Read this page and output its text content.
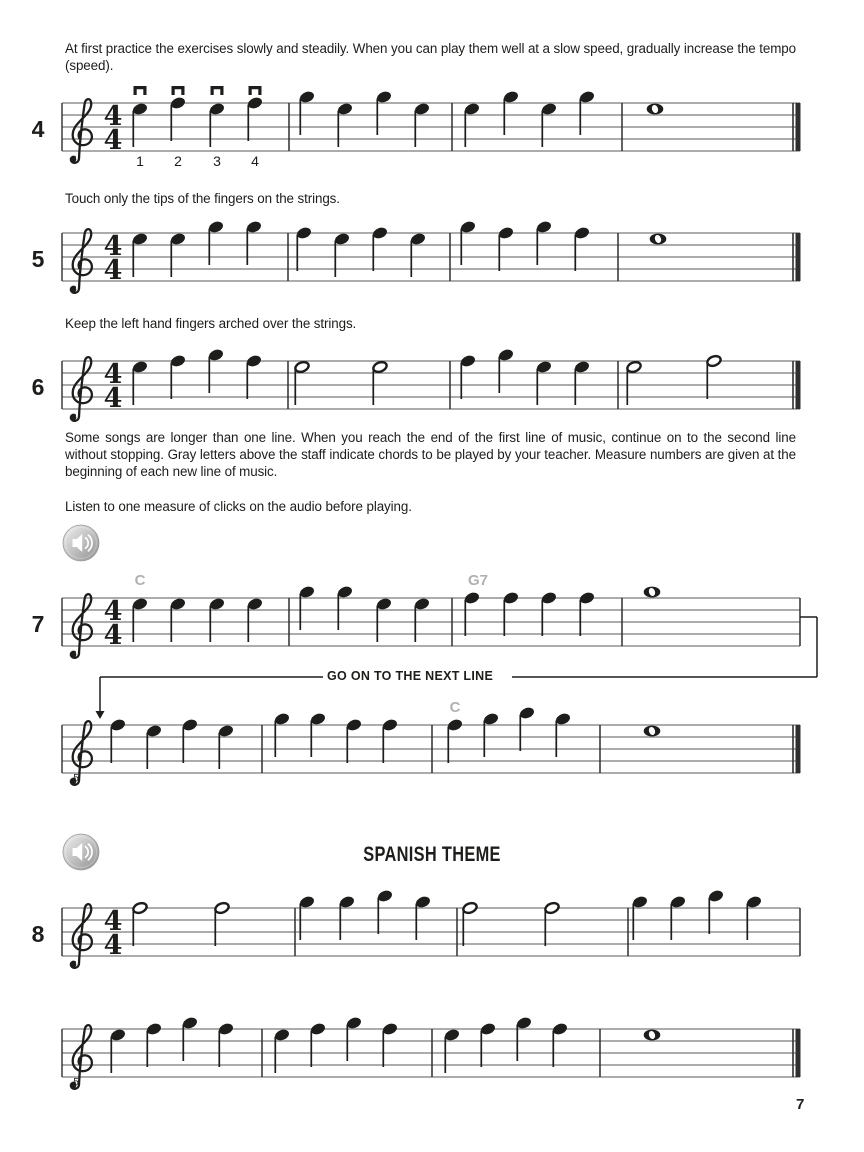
4
4
4
1 2 3 4
4
4
5
4
4
6
4
4
7
C	G7
5
C
4
4
8
5
At first practice the exercises slowly and steadily. When you can play them well at a slow speed, gradually increase the tempo (speed).
Touch only the tips of the fingers on the strings.
Keep the left hand fingers arched over the strings.
Some songs are longer than one line. When you reach the end of the first line of music, continue on to the second line without stopping. Gray letters above the staff indicate chords to be played by your teacher. Measure numbers are given at the beginning of each new line of music.
Listen to one measure of clicks on the audio before playing.
GO ON TO THE NEXT LINE
SPANISH THEME
7
